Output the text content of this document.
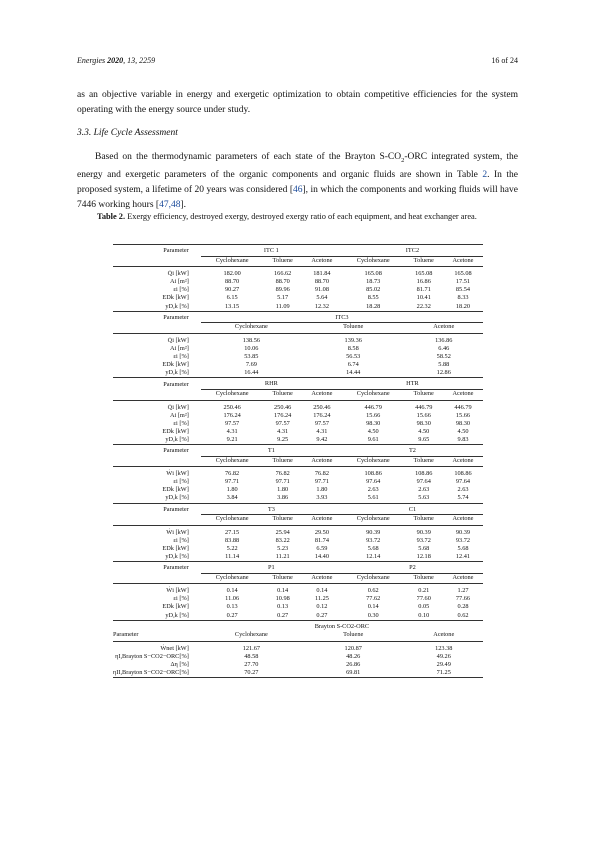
Energies 2020, 13, 2259	16 of 24
as an objective variable in energy and exergetic optimization to obtain competitive efficiencies for the system operating with the energy source under study.
3.3. Life Cycle Assessment
Based on the thermodynamic parameters of each state of the Brayton $S-CO_2$-ORC integrated system, the energy and exergetic parameters of the organic components and organic fluids are shown in Table 2. In the proposed system, a lifetime of 20 years was considered [46], in which the components and working fluids will have 7446 working hours [47,48].
Table 2. Exergy efficiency, destroyed exergy, destroyed exergy ratio of each equipment, and heat exchanger area.
Parameter	ITC 1			ITC2		
	Cyclohexane	Toluene	Acetone	Cyclohexane	Toluene	Acetone

Q̇i [kW]	182.00	166.62	181.84	165.08	165.08	165.08
Ai [m²]	88.70	88.70	88.70	18.73	16.86	17.51
εi [%]	90.27	89.96	91.08	85.02	81.71	85.54
EDk [kW]	6.15	5.17	5.64	8.55	10.41	8.33
yD,k [%]	13.15	11.09	12.32	18.28	22.32	18.20
Parameter	ITC3					
	Cyclohexane		Toluene		Acetone	

Q̇i [kW]	138.56		139.36		136.86	
Ai [m²]	10.06		8.58		6.46	
εi [%]	53.85		56.53		58.52	
EDk [kW]	7.69		6.74		5.88	
yD,k [%]	16.44		14.44		12.86	
Parameter	RHR			HTR		
	Cyclohexane	Toluene	Acetone	Cyclohexane	Toluene	Acetone

Q̇i [kW]	250.46	250.46	250.46	446.79	446.79	446.79
Ai [m²]	176.24	176.24	176.24	15.66	15.66	15.66
εi [%]	97.57	97.57	97.57	98.30	98.30	98.30
EDk [kW]	4.31	4.31	4.31	4.50	4.50	4.50
yD,k [%]	9.21	9.25	9.42	9.61	9.65	9.83
Parameter	T1			T2		
	Cyclohexane	Toluene	Acetone	Cyclohexane	Toluene	Acetone

Ẇi [kW]	76.82	76.82	76.82	108.86	108.86	108.86
εi [%]	97.71	97.71	97.71	97.64	97.64	97.64
EDk [kW]	1.80	1.80	1.80	2.63	2.63	2.63
yD,k [%]	3.84	3.86	3.93	5.61	5.63	5.74
Parameter	T3			C1		
	Cyclohexane	Toluene	Acetone	Cyclohexane	Toluene	Acetone

Ẇi [kW]	27.15	25.94	29.50	90.39	90.39	90.39
εi [%]	83.88	83.22	81.74	93.72	93.72	93.72
EDk [kW]	5.22	5.23	6.59	5.68	5.68	5.68
yD,k [%]	11.14	11.21	14.40	12.14	12.18	12.41
Parameter	P1			P2		
	Cyclohexane	Toluene	Acetone	Cyclohexane	Toluene	Acetone

Ẇi [kW]	0.14	0.14	0.14	0.62	0.21	1.27
εi [%]	11.06	10.98	11.25	77.62	77.60	77.66
EDk [kW]	0.13	0.13	0.12	0.14	0.05	0.28
yD,k [%]	0.27	0.27	0.27	0.30	0.10	0.62
	Brayton S-CO2-ORC					
Parameter	Cyclohexane		Toluene		Acetone	

Ẇnet [kW]	121.67		120.87		123.38	
ηI,Brayton S−CO2−ORC[%]	48.58		48.26		49.26	
Δη [%]	27.70		26.86		29.49	
ηII,Brayton S−CO2−ORC[%]	70.27		69.81		71.25	
